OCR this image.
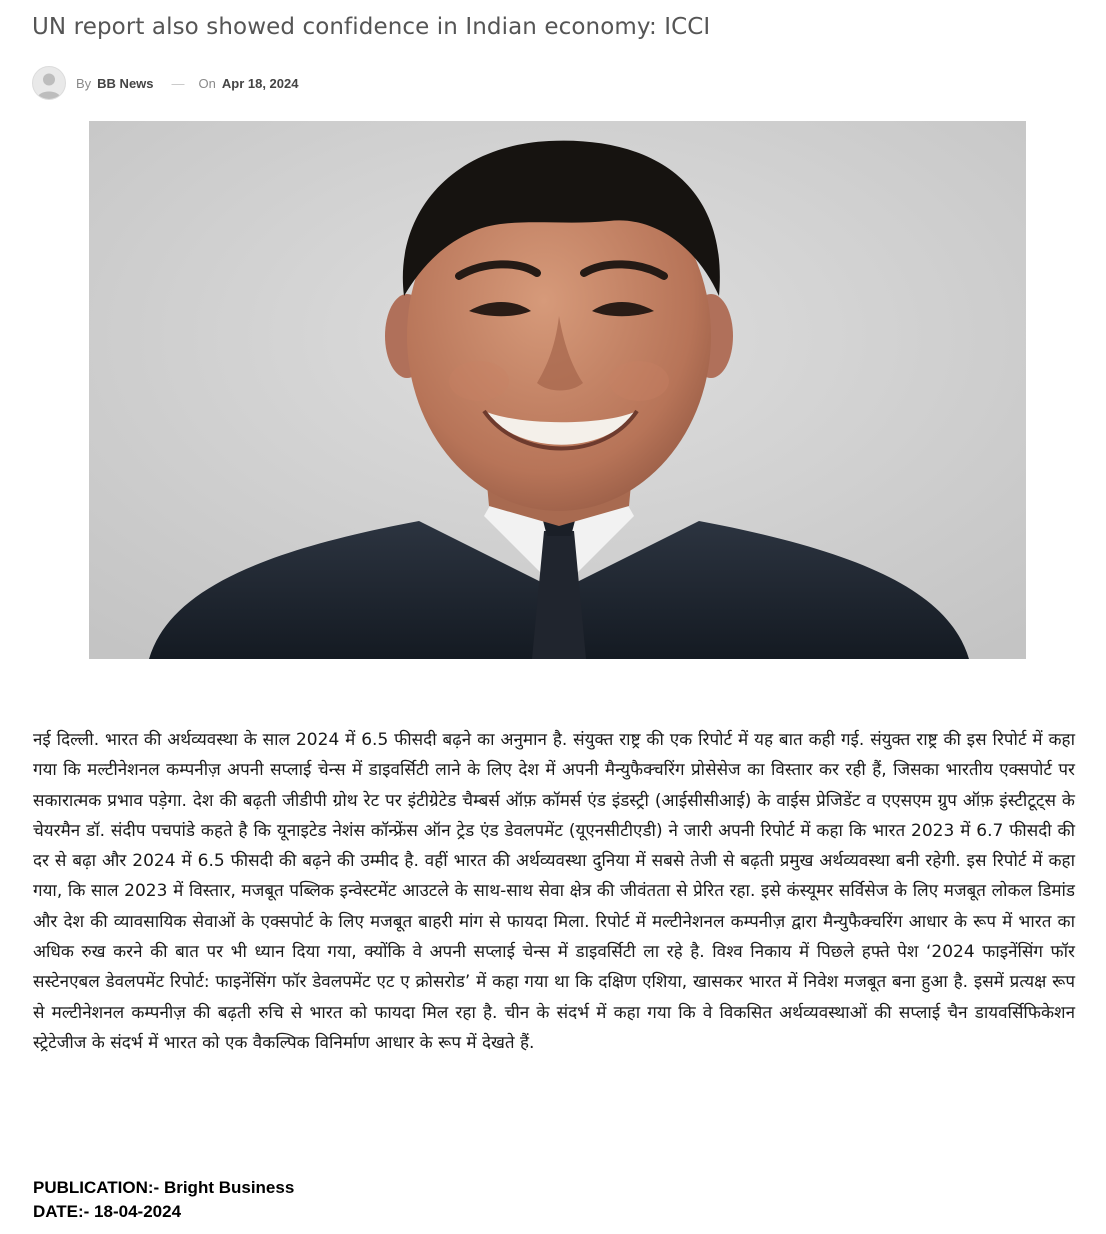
UN report also showed confidence in Indian economy: ICCI
By BB News — On Apr 18, 2024

नई दिल्ली. भारत की अर्थव्यवस्था के साल 2024 में 6.5 फीसदी बढ़ने का अनुमान है. संयुक्त राष्ट्र की एक रिपोर्ट में यह बात कही गई. संयुक्त राष्ट्र की इस रिपोर्ट में कहा गया कि मल्टीनेशनल कम्पनीज़ अपनी सप्लाई चेन्स में डाइवर्सिटी लाने के लिए देश में अपनी मैन्युफैक्चरिंग प्रोसेसेज का विस्तार कर रही हैं, जिसका भारतीय एक्सपोर्ट पर सकारात्मक प्रभाव पड़ेगा. देश की बढ़ती जीडीपी ग्रोथ रेट पर इंटीग्रेटेड चैम्बर्स ऑफ़ कॉमर्स एंड इंडस्ट्री (आईसीसीआई) के वाईस प्रेजिडेंट व एएसएम ग्रुप ऑफ़ इंस्टीटूट्स के चेयरमैन डॉ. संदीप पचपांडे कहते है कि यूनाइटेड नेशंस कॉन्फ्रेंस ऑन ट्रेड एंड डेवलपमेंट (यूएनसीटीएडी) ने जारी अपनी रिपोर्ट में कहा कि भारत 2023 में 6.7 फीसदी की दर से बढ़ा और 2024 में 6.5 फीसदी की बढ़ने की उम्मीद है. वहीं भारत की अर्थव्यवस्था दुनिया में सबसे तेजी से बढ़ती प्रमुख अर्थव्यवस्था बनी रहेगी. इस रिपोर्ट में कहा गया, कि साल 2023 में विस्तार, मजबूत पब्लिक इन्वेस्टमेंट आउटले के साथ-साथ सेवा क्षेत्र की जीवंतता से प्रेरित रहा. इसे कंस्यूमर सर्विसेज के लिए मजबूत लोकल डिमांड और देश की व्यावसायिक सेवाओं के एक्सपोर्ट के लिए मजबूत बाहरी मांग से फायदा मिला. रिपोर्ट में मल्टीनेशनल कम्पनीज़ द्वारा मैन्युफैक्चरिंग आधार के रूप में भारत का अधिक रुख करने की बात पर भी ध्यान दिया गया, क्योंकि वे अपनी सप्लाई चेन्स में डाइवर्सिटी ला रहे है. विश्व निकाय में पिछले हफ्ते पेश ‘2024 फाइनेंसिंग फॉर सस्टेनएबल डेवलपमेंट रिपोर्ट: फाइनेंसिंग फॉर डेवलपमेंट एट ए क्रोसरोड’ में कहा गया था कि दक्षिण एशिया, खासकर भारत में निवेश मजबूत बना हुआ है. इसमें प्रत्यक्ष रूप से मल्टीनेशनल कम्पनीज़ की बढ़ती रुचि से भारत को फायदा मिल रहा है. चीन के संदर्भ में कहा गया कि वे विकसित अर्थव्यवस्थाओं की सप्लाई चैन डायवर्सिफिकेशन स्ट्रेटेजीज के संदर्भ में भारत को एक वैकल्पिक विनिर्माण आधार के रूप में देखते हैं.

PUBLICATION:- Bright Business
DATE:- 18-04-2024
